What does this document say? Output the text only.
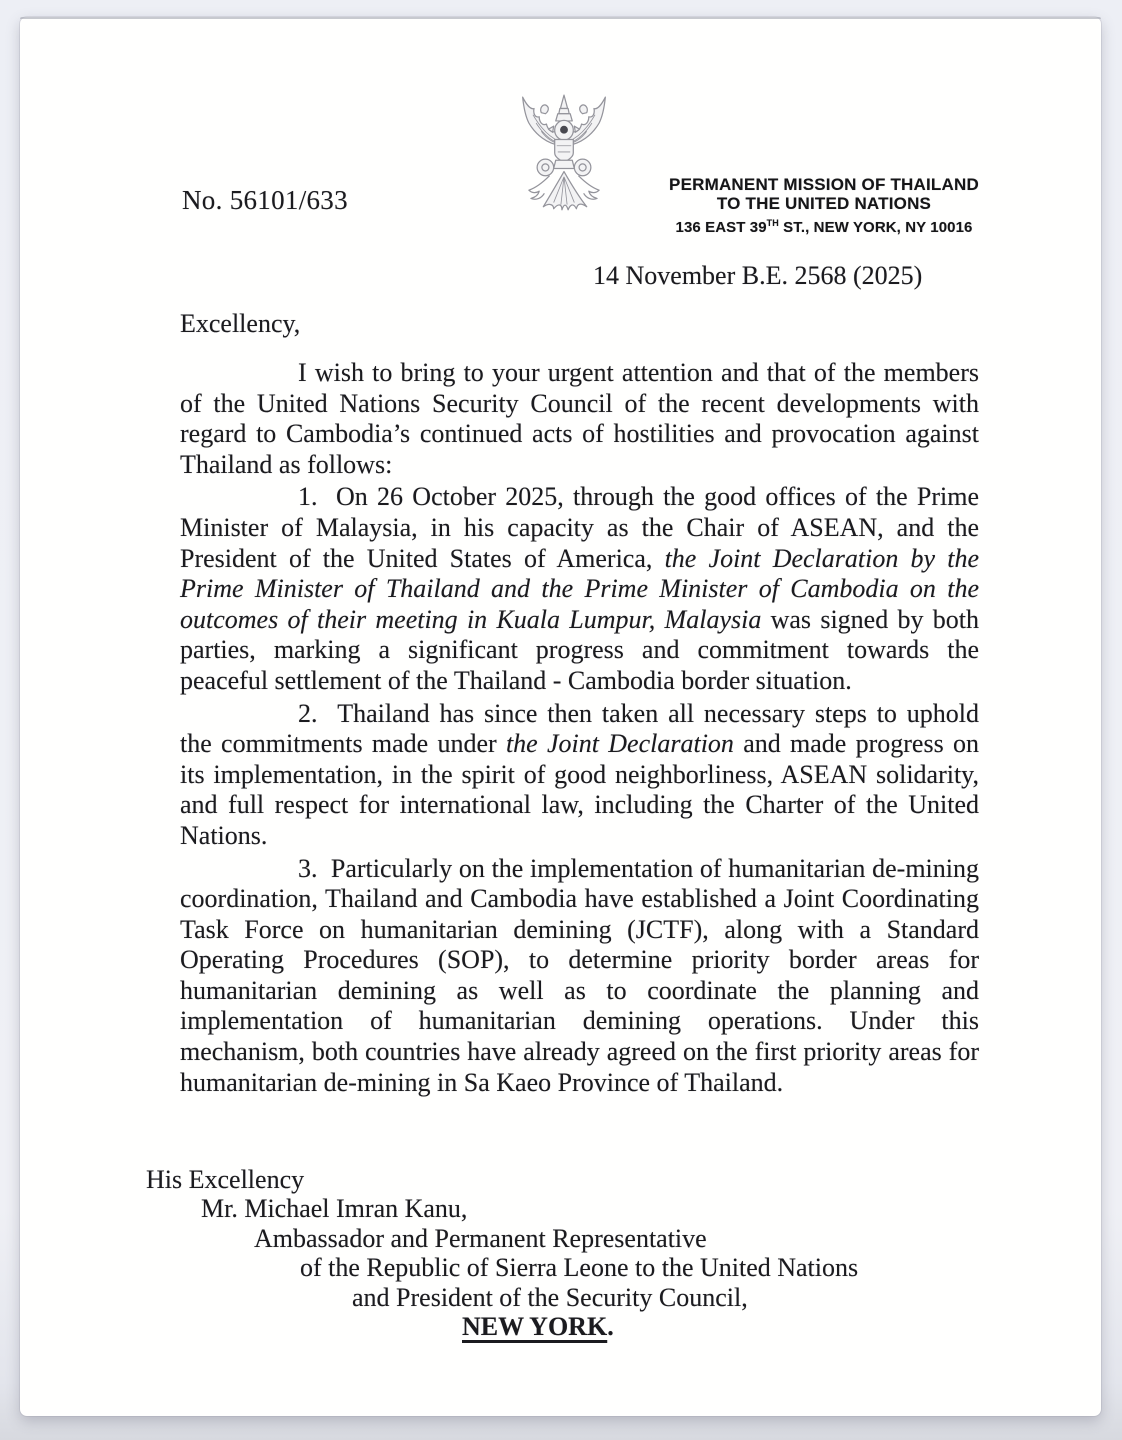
No. 56101/633
PERMANENT MISSION OF THAILAND
TO THE UNITED NATIONS
136 EAST 39TH ST., NEW YORK, NY 10016
14 November B.E. 2568 (2025)
Excellency,

I wish to bring to your urgent attention and that of the members of the United Nations Security Council of the recent developments with regard to Cambodia’s continued acts of hostilities and provocation against Thailand as follows:

1.  On 26 October 2025, through the good offices of the Prime Minister of Malaysia, in his capacity as the Chair of ASEAN, and the President of the United States of America, the Joint Declaration by the Prime Minister of Thailand and the Prime Minister of Cambodia on the outcomes of their meeting in Kuala Lumpur, Malaysia was signed by both parties, marking a significant progress and commitment towards the peaceful settlement of the Thailand - Cambodia border situation.

2.  Thailand has since then taken all necessary steps to uphold the commitments made under the Joint Declaration and made progress on its implementation, in the spirit of good neighborliness, ASEAN solidarity, and full respect for international law, including the Charter of the United Nations.

3.  Particularly on the implementation of humanitarian de-mining coordination, Thailand and Cambodia have established a Joint Coordinating Task Force on humanitarian demining (JCTF), along with a Standard Operating Procedures (SOP), to determine priority border areas for humanitarian demining as well as to coordinate the planning and implementation of humanitarian demining operations. Under this mechanism, both countries have already agreed on the first priority areas for humanitarian de-mining in Sa Kaeo Province of Thailand.

His Excellency
Mr. Michael Imran Kanu,
Ambassador and Permanent Representative
of the Republic of Sierra Leone to the United Nations
and President of the Security Council,
NEW YORK.
